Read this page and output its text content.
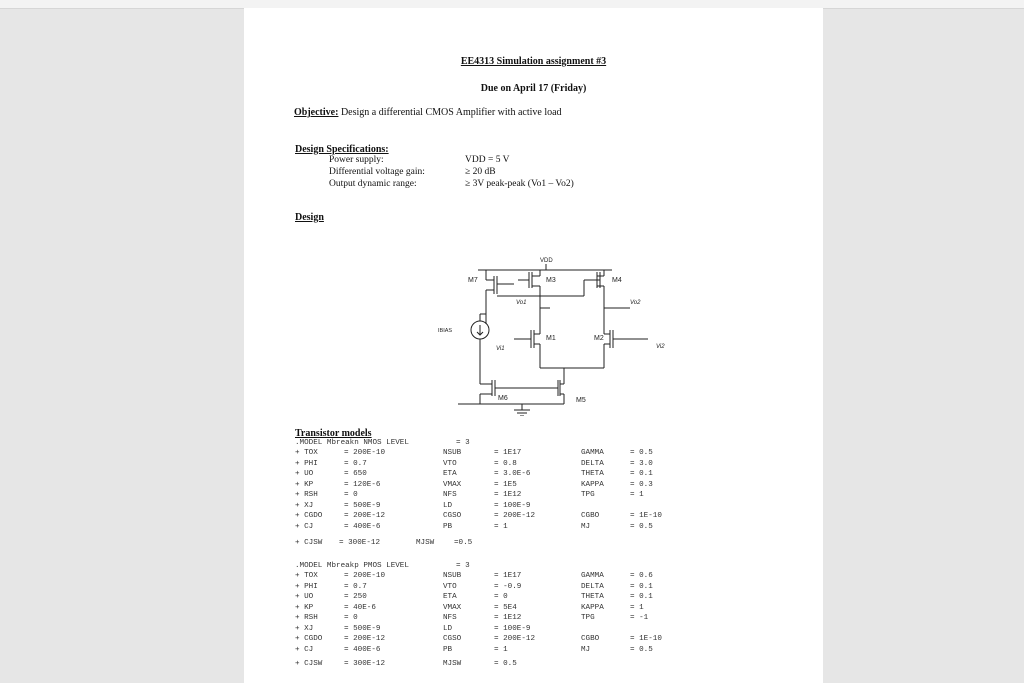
EE4313 Simulation assignment #3
Due on April 17 (Friday)
Objective: Design a differential CMOS Amplifier with active load
Design Specifications:
Power supply:	VDD = 5 V
Differential voltage gain:	≥ 20 dB
Output dynamic range:	≥ 3V peak-peak (Vo1 – Vo2)
Design
VDD
M7	M3	M4
Vo1	Vo2
IBIAS
M1
Vi1
M2
Vi2
M6	M5
Transistor models
.MODEL Mbreakn NMOS LEVEL	= 3
+ TOX	= 200E-10	NSUB	= 1E17	GAMMA	= 0.5
+ PHI	= 0.7	VTO	= 0.8	DELTA	= 3.0
+ UO	= 650	ETA	= 3.0E-6	THETA	= 0.1
+ KP	= 120E-6	VMAX	= 1E5	KAPPA	= 0.3
+ RSH	= 0	NFS	= 1E12	TPG	= 1
+ XJ	= 500E-9	LD	= 100E-9
+ CGDO	= 200E-12	CGSO	= 200E-12	CGBO	= 1E-10
+ CJ	= 400E-6	PB	= 1	MJ	= 0.5
+ CJSW = 300E-12	MJSW	=0.5
.MODEL Mbreakp PMOS LEVEL	= 3
+ TOX	= 200E-10	NSUB	= 1E17	GAMMA	= 0.6
+ PHI	= 0.7	VTO	= -0.9	DELTA	= 0.1
+ UO	= 250	ETA	= 0	THETA	= 0.1
+ KP	= 40E-6	VMAX	= 5E4	KAPPA	= 1
+ RSH	= 0	NFS	= 1E12	TPG	= -1
+ XJ	= 500E-9	LD	= 100E-9
+ CGDO	= 200E-12	CGSO	= 200E-12	CGBO	= 1E-10
+ CJ	= 400E-6	PB	= 1	MJ	= 0.5
+ CJSW	= 300E-12	MJSW	= 0.5
